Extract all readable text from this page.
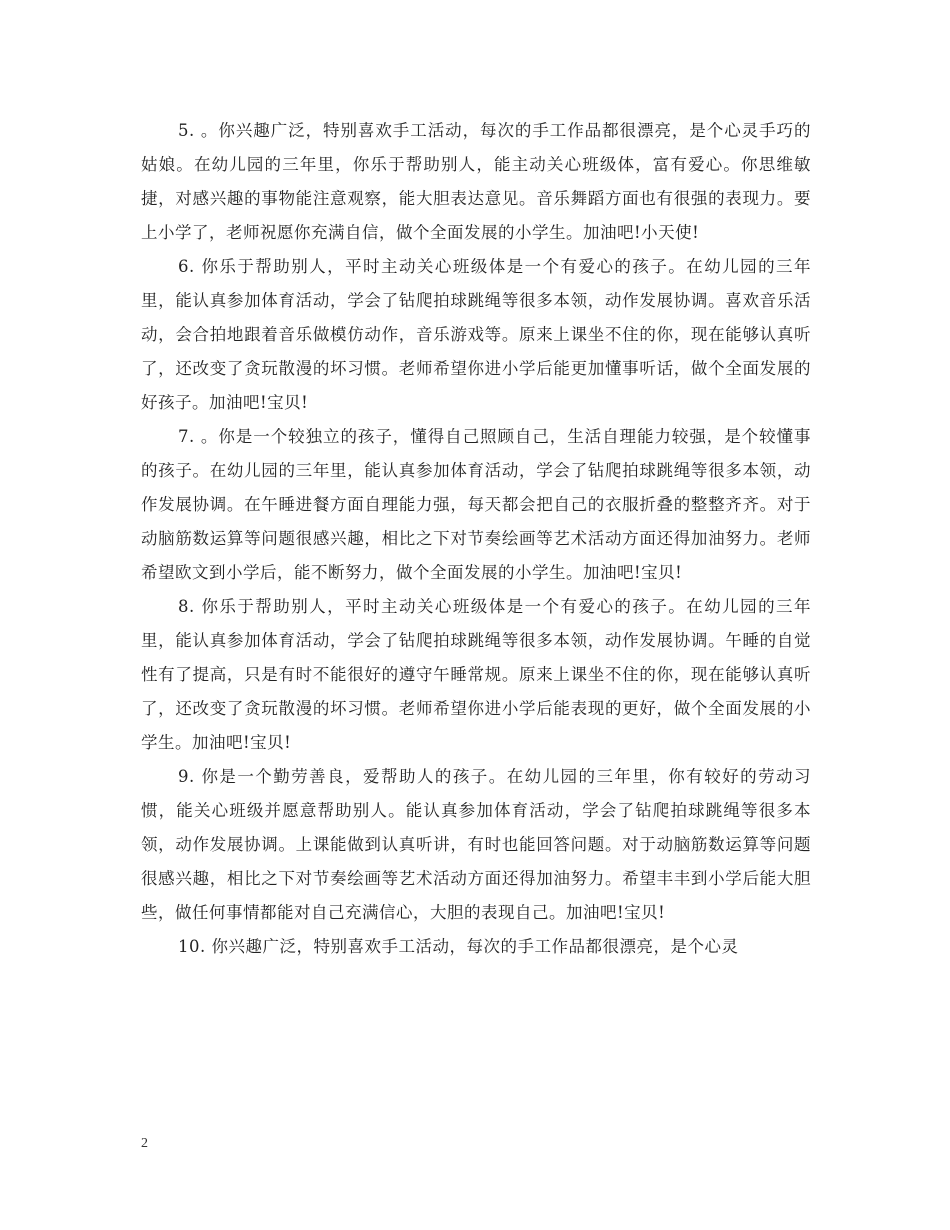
5. 。你兴趣广泛，特别喜欢手工活动，每次的手工作品都很漂亮，是个心灵手巧的姑娘。在幼儿园的三年里，你乐于帮助别人，能主动关心班级体，富有爱心。你思维敏捷，对感兴趣的事物能注意观察，能大胆表达意见。音乐舞蹈方面也有很强的表现力。要上小学了，老师祝愿你充满自信，做个全面发展的小学生。加油吧!小天使!

6. 你乐于帮助别人，平时主动关心班级体是一个有爱心的孩子。在幼儿园的三年里，能认真参加体育活动，学会了钻爬拍球跳绳等很多本领，动作发展协调。喜欢音乐活动，会合拍地跟着音乐做模仿动作，音乐游戏等。原来上课坐不住的你，现在能够认真听了，还改变了贪玩散漫的坏习惯。老师希望你进小学后能更加懂事听话，做个全面发展的好孩子。加油吧!宝贝!

7. 。你是一个较独立的孩子，懂得自己照顾自己，生活自理能力较强，是个较懂事的孩子。在幼儿园的三年里，能认真参加体育活动，学会了钻爬拍球跳绳等很多本领，动作发展协调。在午睡进餐方面自理能力强，每天都会把自己的衣服折叠的整整齐齐。对于动脑筋数运算等问题很感兴趣，相比之下对节奏绘画等艺术活动方面还得加油努力。老师希望欧文到小学后，能不断努力，做个全面发展的小学生。加油吧!宝贝!

8. 你乐于帮助别人，平时主动关心班级体是一个有爱心的孩子。在幼儿园的三年里，能认真参加体育活动，学会了钻爬拍球跳绳等很多本领，动作发展协调。午睡的自觉性有了提高，只是有时不能很好的遵守午睡常规。原来上课坐不住的你，现在能够认真听了，还改变了贪玩散漫的坏习惯。老师希望你进小学后能表现的更好，做个全面发展的小学生。加油吧!宝贝!

9. 你是一个勤劳善良，爱帮助人的孩子。在幼儿园的三年里，你有较好的劳动习惯，能关心班级并愿意帮助别人。能认真参加体育活动，学会了钻爬拍球跳绳等很多本领，动作发展协调。上课能做到认真听讲，有时也能回答问题。对于动脑筋数运算等问题很感兴趣，相比之下对节奏绘画等艺术活动方面还得加油努力。希望丰丰到小学后能大胆些，做任何事情都能对自己充满信心，大胆的表现自己。加油吧!宝贝!

10. 你兴趣广泛，特别喜欢手工活动，每次的手工作品都很漂亮，是个心灵

2
